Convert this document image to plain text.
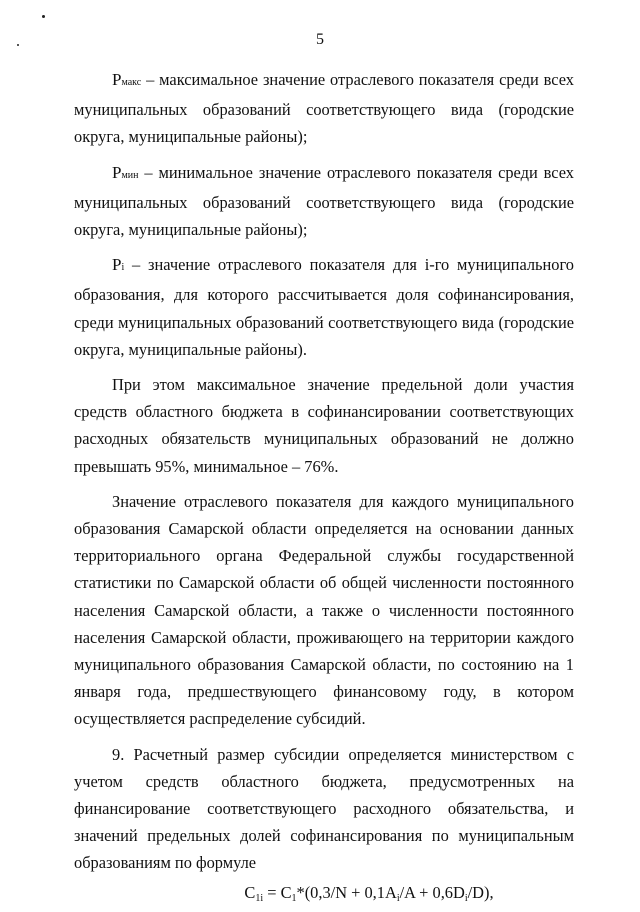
5

Pмакс – максимальное значение отраслевого показателя среди всех муниципальных образований соответствующего вида (городские округа, муниципальные районы);

Pмин – минимальное значение отраслевого показателя среди всех муниципальных образований соответствующего вида (городские округа, муниципальные районы);

Pi – значение отраслевого показателя для i-го муниципального образования, для которого рассчитывается доля софинансирования, среди муниципальных образований соответствующего вида (городские округа, муниципальные районы).

При этом максимальное значение предельной доли участия средств областного бюджета в софинансировании соответствующих расходных обязательств муниципальных образований не должно превышать 95%, минимальное – 76%.

Значение отраслевого показателя для каждого муниципального образования Самарской области определяется на основании данных территориального органа Федеральной службы государственной статистики по Самарской области об общей численности постоянного населения Самарской области, а также о численности постоянного населения Самарской области, проживающего на территории каждого муниципального образования Самарской области, по состоянию на 1 января года, предшествующего финансовому году, в котором осуществляется распределение субсидий.

9. Расчетный размер субсидии определяется министерством с учетом средств областного бюджета, предусмотренных на финансирование соответствующего расходного обязательства, и значений предельных долей софинансирования по муниципальным образованиям по формуле

C1i = C1*(0,3/N + 0,1Ai/A + 0,6Di/D),
